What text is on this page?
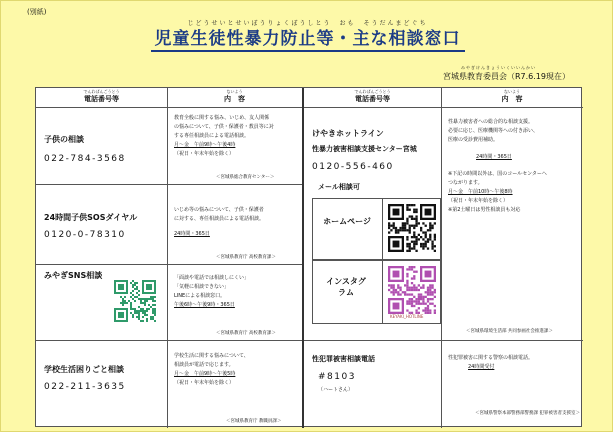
(別紙)
じどうせいとせいぼうりょくぼうしとう　おも　そうだんまどぐち
児童生徒性暴力防止等・主な相談窓口
みやぎけんきょういくいいんかい
宮城県教育委員会（R7.6.19現在）
でんわばんごうとう
電話番号等
ないよう
内　容
でんわばんごうとう
電話番号等
ないよう
内　容
子供の相談
022-784-3568
教育全般に関する悩み、いじめ、友人関係
の悩みについて、子供・保護者・教員等に対
する専任相談員による電話相談。
月～金　午前9時～午後4時
（祝日・年末年始を除く）
＜宮城県総合教育センター＞
24時間子供SOSダイヤル
0120-0-78310
いじめ等の悩みについて、子供・保護者
に対する、専任相談員による電話相談。
24時間・365日
＜宮城県教育庁 高校教育課＞
みやぎSNS相談	「面談や電話では相談しにくい」
「気軽に相談できない」
LINEによる相談窓口。
午後6時～午後9時・365日
＜宮城県教育庁 高校教育課＞
学校生活困りごと相談
022-211-3635
学校生活に関する悩みについて、
相談員が電話で応じます。
月～金　午前9時～午後5時
（祝日・年末年始を除く）
＜宮城県教育庁 教職員課＞
けやきホットライン
性暴力被害相談支援センター宮城
0120-556-460
メール相談可
ホームページ
インスタグラム
KEYAKI_HOTLINE
性暴力被害者への総合的な相談支援。
必要に応じ、医療機関等への付き添い、
医療の受診費用補助。
24時間・365日
※下記の時間以外は、国のコールセンターへ
つながります。
月～金　午前10時～午後8時
（祝日・年末年始を除く）
※第2土曜日は男性相談員も対応
＜宮城県環境生活部 共同参画社会推進課＞
性犯罪被害相談電話
#8103
（ハートさん）
性犯罪被害に関する警察の相談電話。
24時間受付
＜宮城県警察本部警務部警務課 犯罪被害者支援室＞
